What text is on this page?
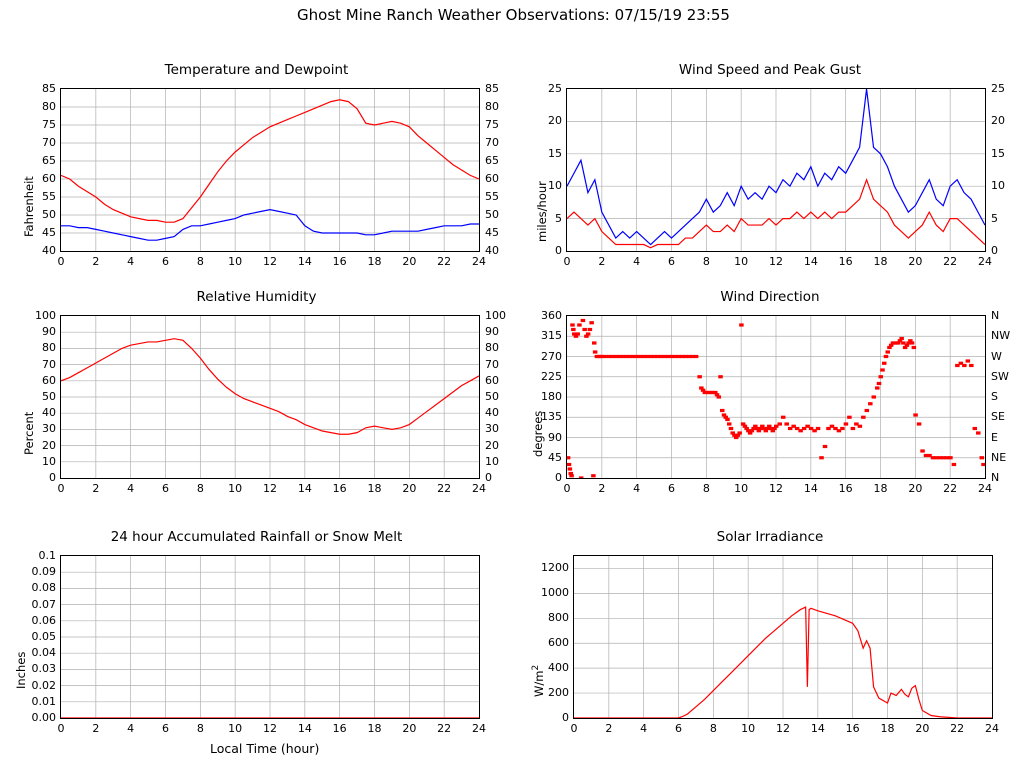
Ghost Mine Ranch Weather Observations: 07/15/19 23:55
Temperature and Dewpoint
Fahrenheit
0	2	4	6	8	10	12	14	16	18	20	22	24
40
45
50
55
60
65
70
75
80
85
40
45
50
55
60
65
70
75
80
85
Wind Speed and Peak Gust
miles/hour
0	2	4	6	8	10	12	14	16	18	20	22	24
0
5
10
15
20
25
0
5
10
15
20
25
Relative Humidity
Percent
0	2	4	6	8	10	12	14	16	18	20	22	24
0
10
20
30
40
50
60
70
80
90
100
0
10
20
30
40
50
60
70
80
90
100
Wind Direction
degrees
0	2	4	6	8	10	12	14	16	18	20	22	24
0
45
90
135
180
225
270
315
360
N
NE
E
SE
S
SW
W
NW
N
24 hour Accumulated Rainfall or Snow Melt
Inches
Local Time (hour)
0	2	4	6	8	10	12	14	16	18	20	22	24
0.00
0.01
0.02
0.03
0.04
0.05
0.06
0.07
0.08
0.09
0.1
Solar Irradiance
$W/m^2$
0	2	4	6	8	10	12	14	16	18	20	22	24
0
200
400
600
800
1000
1200
